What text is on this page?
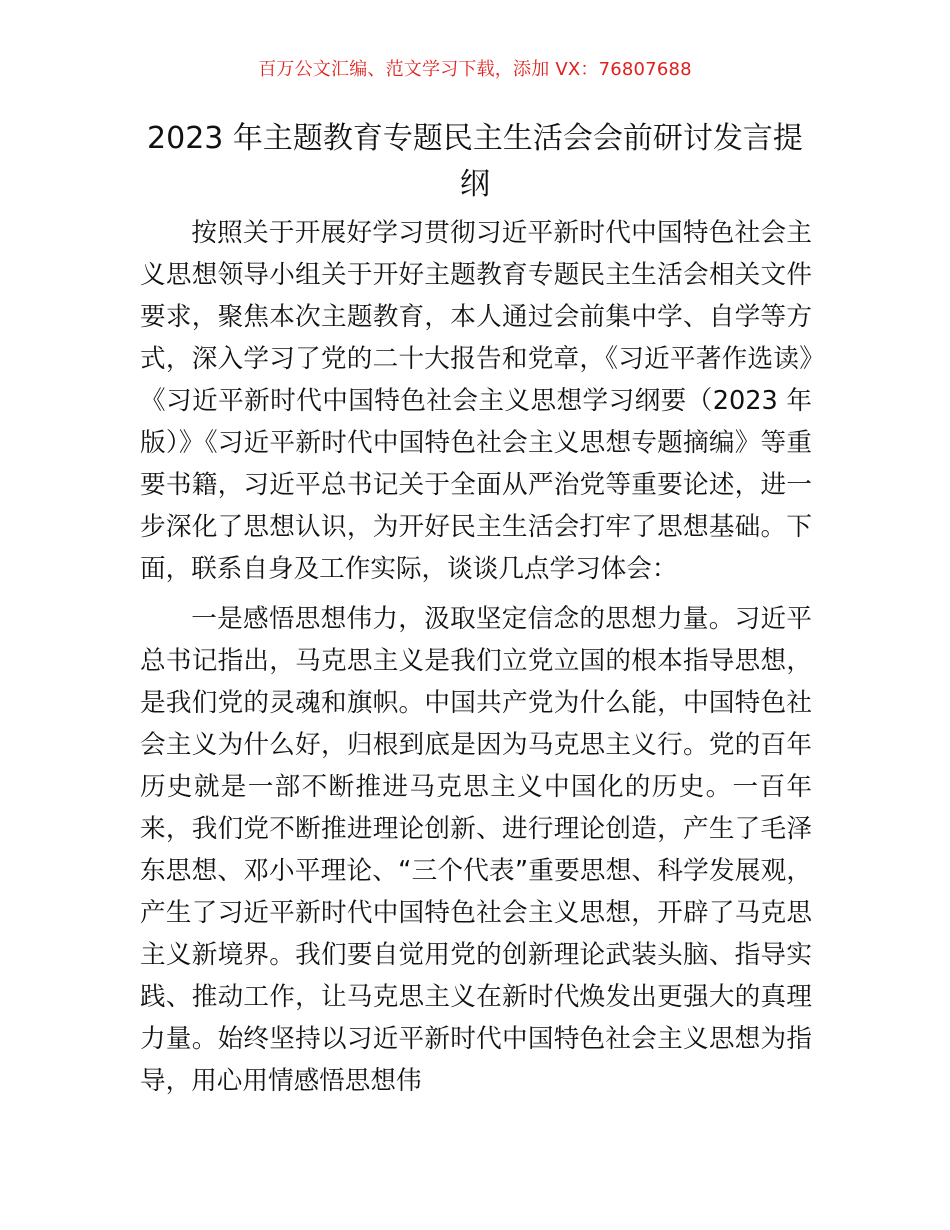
百万公文汇编、范文学习下载，添加 VX：76807688
2023 年主题教育专题民主生活会会前研讨发言提纲

按照关于开展好学习贯彻习近平新时代中国特色社会主义思想领导小组关于开好主题教育专题民主生活会相关文件要求，聚焦本次主题教育，本人通过会前集中学、自学等方式，深入学习了党的二十大报告和党章，《习近平著作选读》《习近平新时代中国特色社会主义思想学习纲要（2023 年版）》《习近平新时代中国特色社会主义思想专题摘编》等重要书籍，习近平总书记关于全面从严治党等重要论述，进一步深化了思想认识，为开好民主生活会打牢了思想基础。下面，联系自身及工作实际，谈谈几点学习体会：

一是感悟思想伟力，汲取坚定信念的思想力量。习近平总书记指出，马克思主义是我们立党立国的根本指导思想，是我们党的灵魂和旗帜。中国共产党为什么能，中国特色社会主义为什么好，归根到底是因为马克思主义行。党的百年历史就是一部不断推进马克思主义中国化的历史。一百年来，我们党不断推进理论创新、进行理论创造，产生了毛泽东思想、邓小平理论、“三个代表”重要思想、科学发展观，产生了习近平新时代中国特色社会主义思想，开辟了马克思主义新境界。我们要自觉用党的创新理论武装头脑、指导实践、推动工作，让马克思主义在新时代焕发出更强大的真理力量。始终坚持以习近平新时代中国特色社会主义思想为指导，用心用情感悟思想伟
